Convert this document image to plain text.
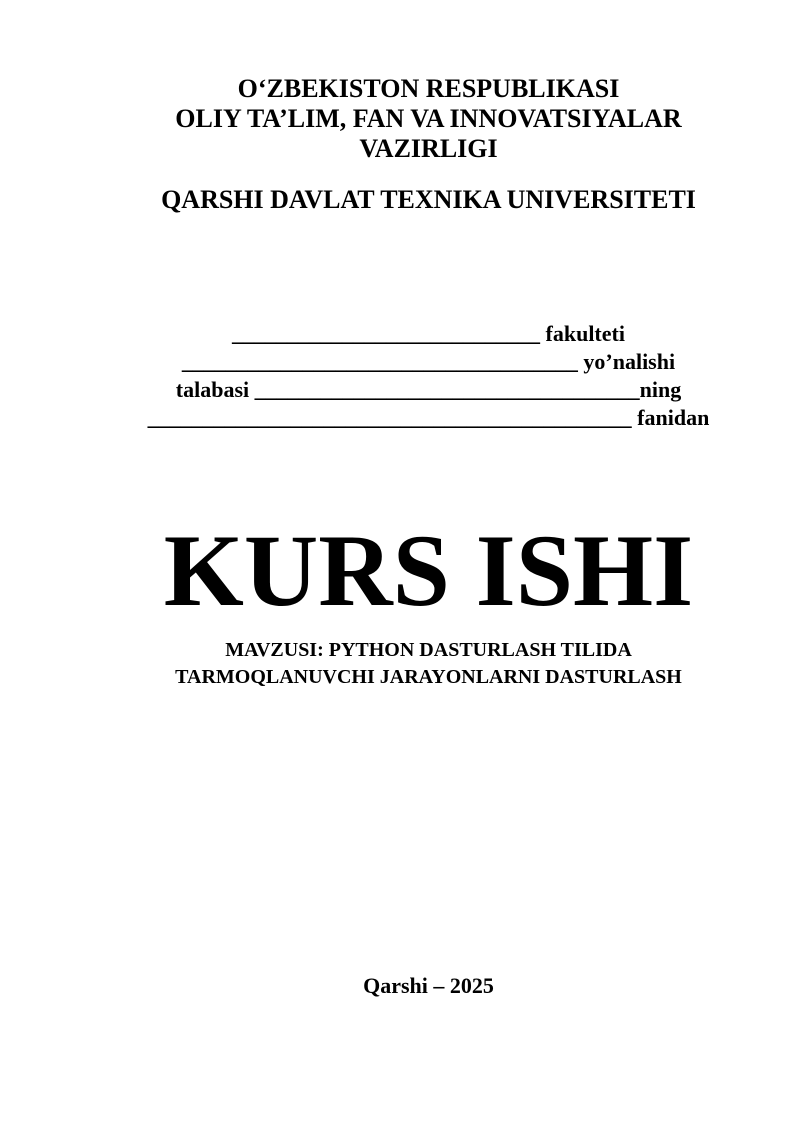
O‘ZBEKISTON RESPUBLIKASI
OLIY TA’LIM, FAN VA INNOVATSIYALAR
VAZIRLIGI
QARSHI DAVLAT TEXNIKA UNIVERSITETI
____________________________ fakulteti
____________________________________ yo’nalishi
talabasi ___________________________________ning
____________________________________________ fanidan
KURS ISHI
MAVZUSI: PYTHON DASTURLASH TILIDA
TARMOQLANUVCHI JARAYONLARNI DASTURLASH
Qarshi – 2025
